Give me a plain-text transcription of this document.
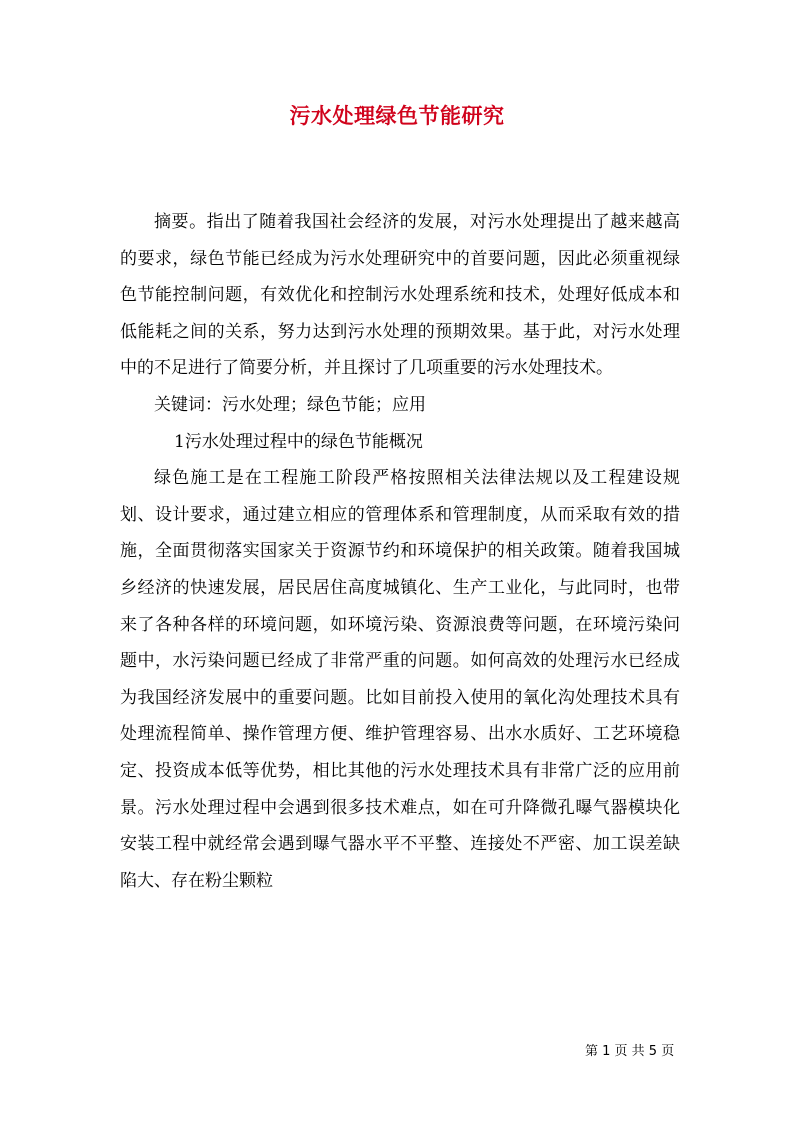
污水处理绿色节能研究

摘要。指出了随着我国社会经济的发展，对污水处理提出了越来越高的要求，绿色节能已经成为污水处理研究中的首要问题，因此必须重视绿色节能控制问题，有效优化和控制污水处理系统和技术，处理好低成本和低能耗之间的关系，努力达到污水处理的预期效果。基于此，对污水处理中的不足进行了简要分析，并且探讨了几项重要的污水处理技术。

关键词：污水处理；绿色节能；应用

1污水处理过程中的绿色节能概况

绿色施工是在工程施工阶段严格按照相关法律法规以及工程建设规划、设计要求，通过建立相应的管理体系和管理制度，从而采取有效的措施，全面贯彻落实国家关于资源节约和环境保护的相关政策。随着我国城乡经济的快速发展，居民居住高度城镇化、生产工业化，与此同时，也带来了各种各样的环境问题，如环境污染、资源浪费等问题，在环境污染问题中，水污染问题已经成了非常严重的问题。如何高效的处理污水已经成为我国经济发展中的重要问题。比如目前投入使用的氧化沟处理技术具有处理流程简单、操作管理方便、维护管理容易、出水水质好、工艺环境稳定、投资成本低等优势，相比其他的污水处理技术具有非常广泛的应用前景。污水处理过程中会遇到很多技术难点，如在可升降微孔曝气器模块化安装工程中就经常会遇到曝气器水平不平整、连接处不严密、加工误差缺陷大、存在粉尘颗粒

第 1 页 共 5 页
